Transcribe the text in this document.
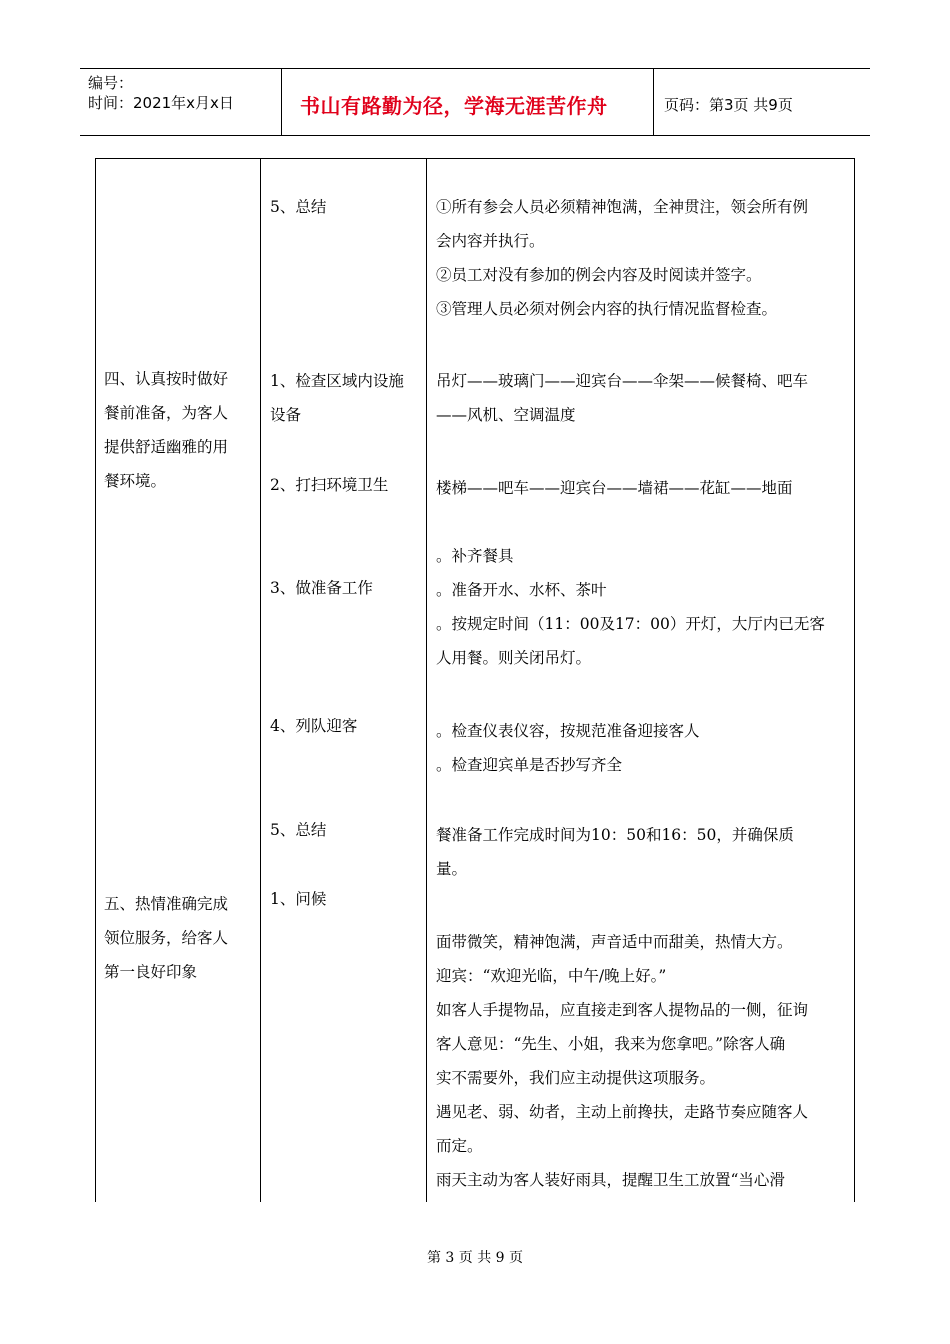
编号：
时间：2021年x月x日	书山有路勤为径，学海无涯苦作舟	页码：第3页 共9页

四、认真按时做好

餐前准备，为客人

提供舒适幽雅的用

餐环境。

五、热情准确完成

领位服务，给客人

第一良好印象

5、总结

1、检查区域内设施

设备

2、打扫环境卫生

3、做准备工作

4、列队迎客

5、总结

1、问候

①所有参会人员必须精神饱满，全神贯注，领会所有例

会内容并执行。

②员工对没有参加的例会内容及时阅读并签字。

③管理人员必须对例会内容的执行情况监督检查。

吊灯——玻璃门——迎宾台——伞架——候餐椅、吧车

——风机、空调温度

楼梯——吧车——迎宾台——墙裙——花缸——地面

。补齐餐具

。准备开水、水杯、茶叶

。按规定时间（11：00及17：00）开灯，大厅内已无客

人用餐。则关闭吊灯。

。检查仪表仪容，按规范准备迎接客人

。检查迎宾单是否抄写齐全

餐准备工作完成时间为10：50和16：50，并确保质

量。

面带微笑，精神饱满，声音适中而甜美，热情大方。

迎宾：“欢迎光临，中午/晚上好。”

如客人手提物品，应直接走到客人提物品的一侧，征询

客人意见：“先生、小姐，我来为您拿吧。”除客人确

实不需要外，我们应主动提供这项服务。

遇见老、弱、幼者，主动上前搀扶，走路节奏应随客人

而定。

雨天主动为客人装好雨具，提醒卫生工放置“当心滑

第 3 页 共 9 页
